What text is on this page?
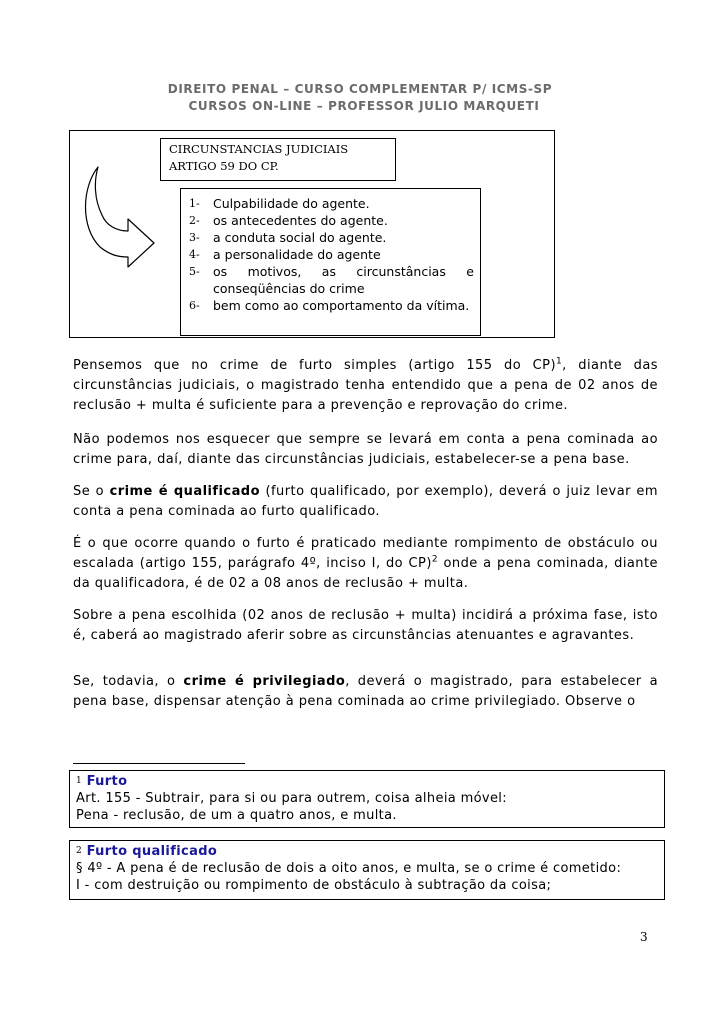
DIREITO PENAL – CURSO COMPLEMENTAR P/ ICMS-SP
CURSOS ON-LINE – PROFESSOR JULIO MARQUETI
CIRCUNSTANCIAS JUDICIAIS
ARTIGO 59 DO CP.
1-	Culpabilidade do agente.
2-	os antecedentes do agente.
3-	a conduta social do agente.
4-	a personalidade do agente
5-	os motivos, as circunstâncias e conseqüências do crime
6-	bem como ao comportamento da vítima.

Pensemos que no crime de furto simples (artigo 155 do CP)$^1$, diante das circunstâncias judiciais, o magistrado tenha entendido que a pena de 02 anos de reclusão + multa é suficiente para a prevenção e reprovação do crime.

Não podemos nos esquecer que sempre se levará em conta a pena cominada ao crime para, daí, diante das circunstâncias judiciais, estabelecer-se a pena base.

Se o crime é qualificado (furto qualificado, por exemplo), deverá o juiz levar em conta a pena cominada ao furto qualificado.

É o que ocorre quando o furto é praticado mediante rompimento de obstáculo ou escalada (artigo 155, parágrafo 4º, inciso I, do CP)$^2$ onde a pena cominada, diante da qualificadora, é de 02 a 08 anos de reclusão + multa.

Sobre a pena escolhida (02 anos de reclusão + multa) incidirá a próxima fase, isto é, caberá ao magistrado aferir sobre as circunstâncias atenuantes e agravantes.

Se, todavia, o crime é privilegiado, deverá o magistrado, para estabelecer a pena base, dispensar atenção à pena cominada ao crime privilegiado. Observe o

$^1$ Furto
Art. 155 - Subtrair, para si ou para outrem, coisa alheia móvel:
Pena - reclusão, de um a quatro anos, e multa.
$^2$ Furto qualificado
§ 4º - A pena é de reclusão de dois a oito anos, e multa, se o crime é cometido:
I - com destruição ou rompimento de obstáculo à subtração da coisa;
3
